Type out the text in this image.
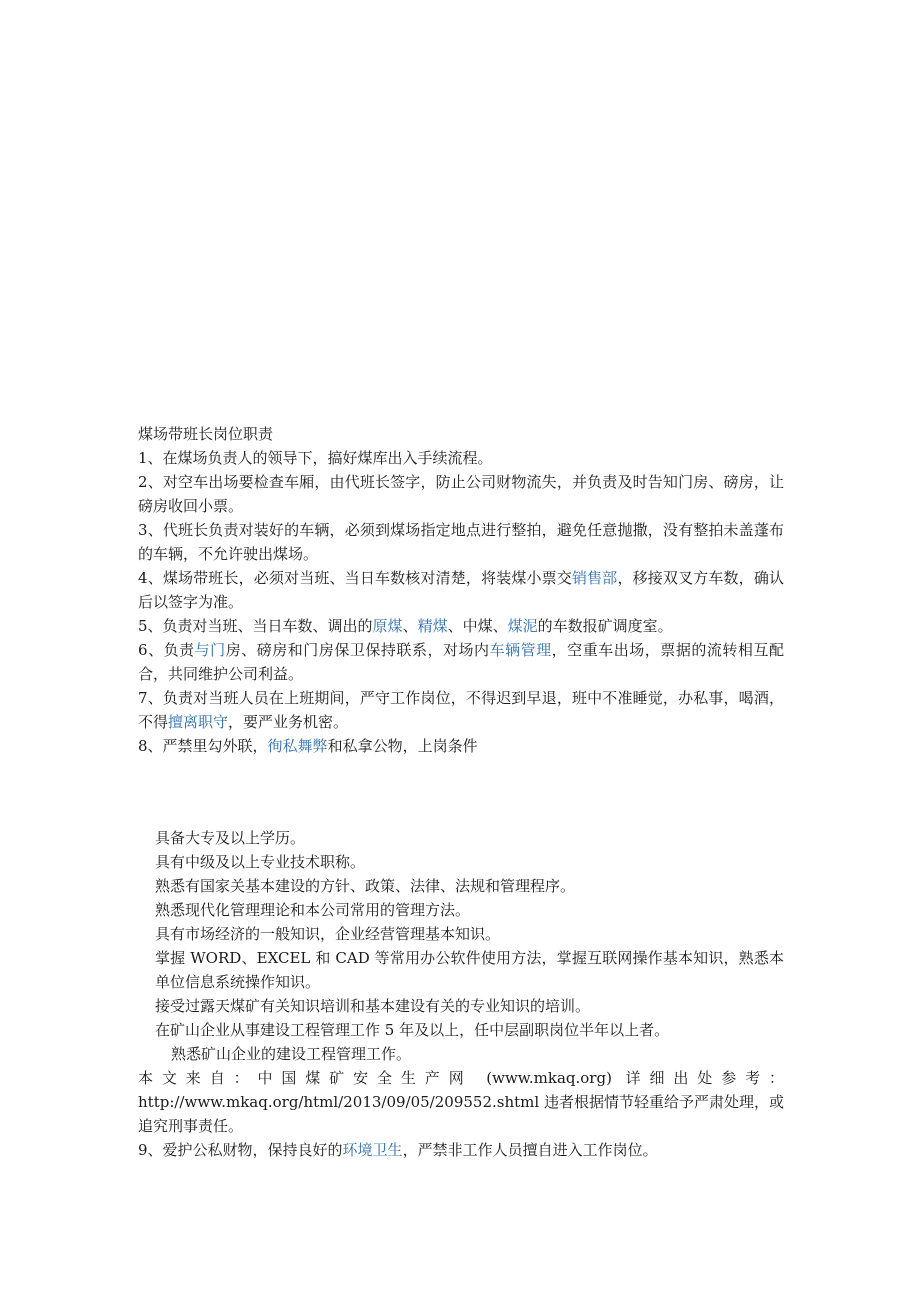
煤场带班长岗位职责

1、在煤场负责人的领导下，搞好煤库出入手续流程。

2、对空车出场要检查车厢，由代班长签字，防止公司财物流失，并负责及时告知门房、磅房，让磅房收回小票。

3、代班长负责对装好的车辆，必须到煤场指定地点进行整拍，避免任意抛撒，没有整拍未盖蓬布的车辆，不允许驶出煤场。

4、煤场带班长，必须对当班、当日车数核对清楚，将装煤小票交销售部，移接双叉方车数，确认后以签字为准。

5、负责对当班、当日车数、调出的原煤、精煤、中煤、煤泥的车数报矿调度室。

6、负责与门房、磅房和门房保卫保持联系，对场内车辆管理，空重车出场，票据的流转相互配合，共同维护公司利益。

7、负责对当班人员在上班期间，严守工作岗位，不得迟到早退，班中不准睡觉，办私事，喝酒，不得擅离职守，要严业务机密。

8、严禁里勾外联，徇私舞弊和私拿公物，上岗条件

具备大专及以上学历。

具有中级及以上专业技术职称。

熟悉有国家关基本建设的方针、政策、法律、法规和管理程序。

熟悉现代化管理理论和本公司常用的管理方法。

具有市场经济的一般知识，企业经营管理基本知识。

掌握 WORD、EXCEL 和 CAD 等常用办公软件使用方法，掌握互联网操作基本知识，熟悉本单位信息系统操作知识。

接受过露天煤矿有关知识培训和基本建设有关的专业知识的培训。

在矿山企业从事建设工程管理工作 5 年及以上，任中层副职岗位半年以上者。

熟悉矿山企业的建设工程管理工作。

本文来自：中国煤矿安全生产网 (www.mkaq.org) 详细出处参考：

http://www.mkaq.org/html/2013/09/05/209552.shtml 违者根据情节轻重给予严肃处理，或追究刑事责任。

9、爱护公私财物，保持良好的环境卫生，严禁非工作人员擅自进入工作岗位。
